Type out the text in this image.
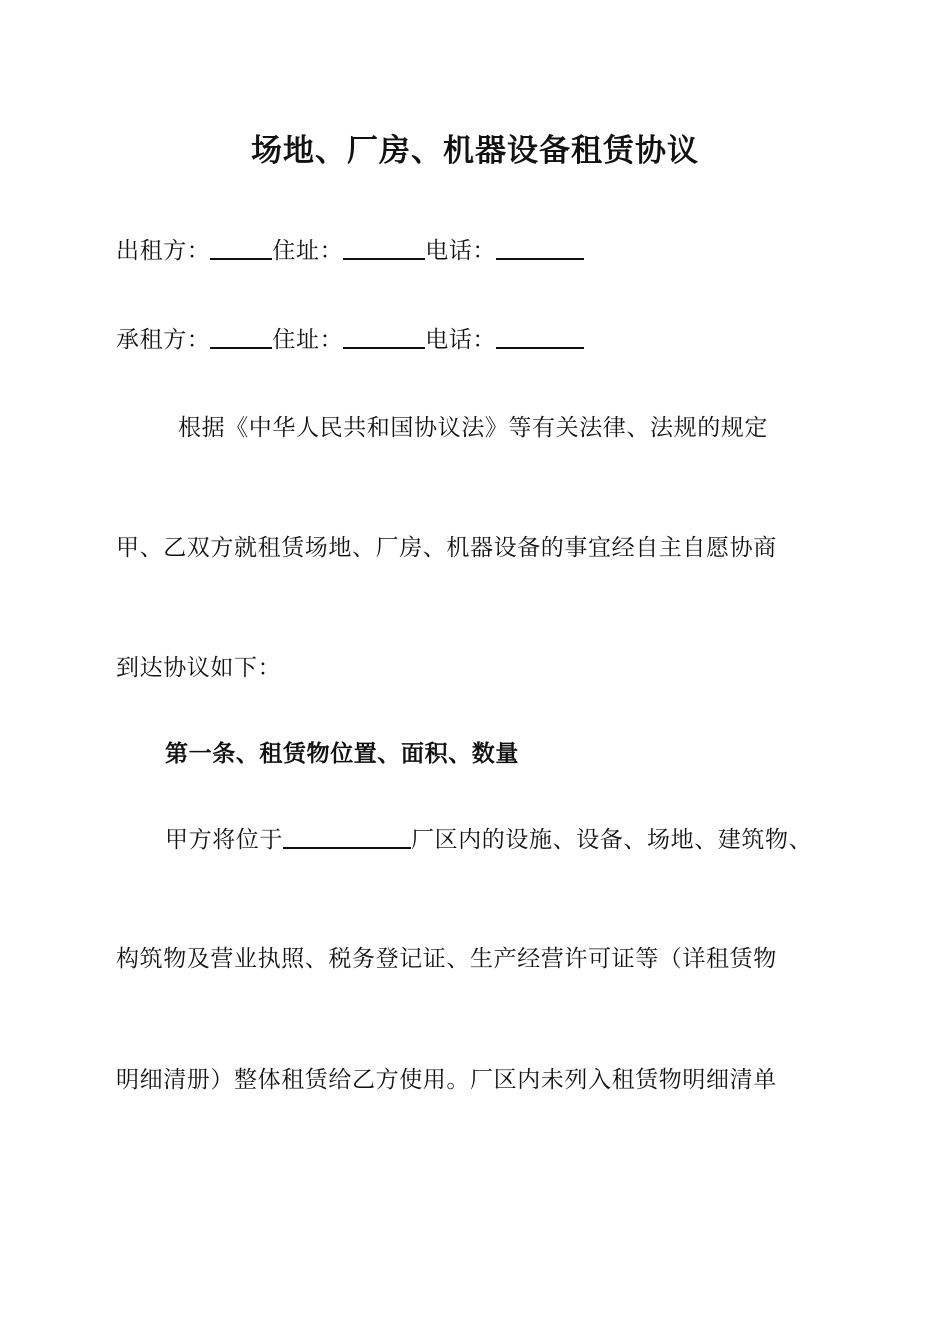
场地、厂房、机器设备租赁协议
出租方：	住址：	电话：
承租方：	住址：	电话：
根据《中华人民共和国协议法》等有关法律、法规的规定
甲、乙双方就租赁场地、厂房、机器设备的事宜经自主自愿协商
到达协议如下：
第一条、租赁物位置、面积、数量
甲方将位于	厂区内的设施、设备、场地、建筑物、
构筑物及营业执照、税务登记证、生产经营许可证等（详租赁物
明细清册）整体租赁给乙方使用。厂区内未列入租赁物明细清单
